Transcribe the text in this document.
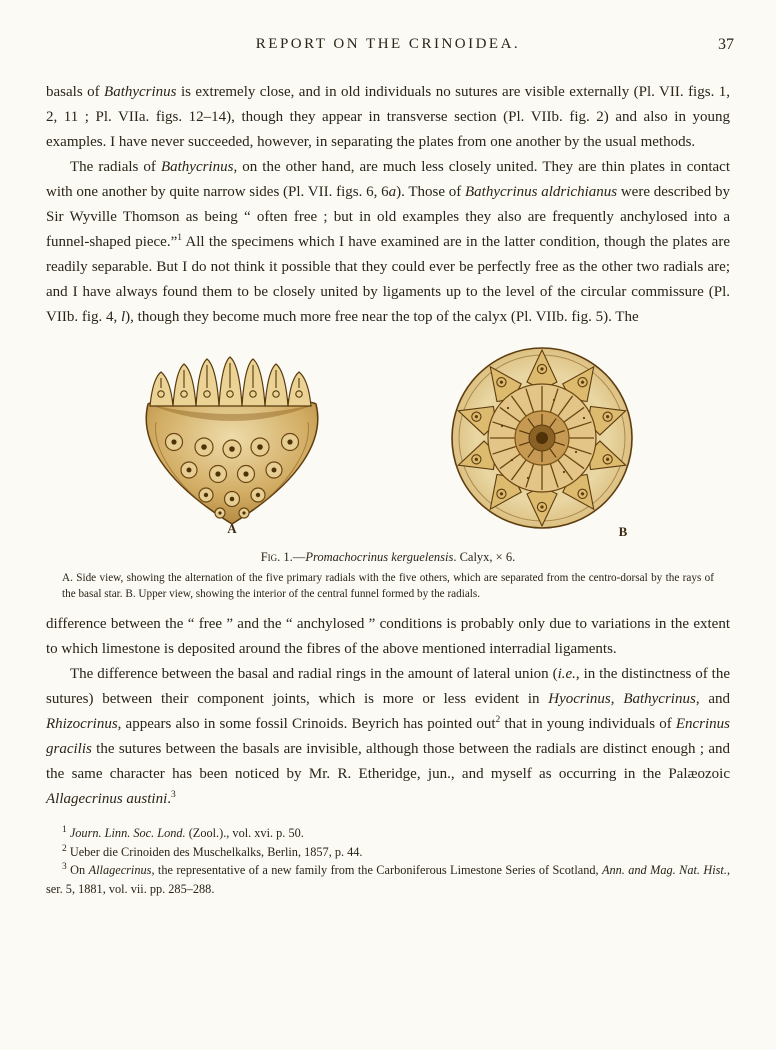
REPORT ON THE CRINOIDEA.	37

basals of Bathycrinus is extremely close, and in old individuals no sutures are visible externally (Pl. VII. figs. 1, 2, 11 ; Pl. VIIa. figs. 12–14), though they appear in transverse section (Pl. VIIb. fig. 2) and also in young examples. I have never succeeded, however, in separating the plates from one another by the usual methods.

The radials of Bathycrinus, on the other hand, are much less closely united. They are thin plates in contact with one another by quite narrow sides (Pl. VII. figs. 6, 6a). Those of Bathycrinus aldrichianus were described by Sir Wyville Thomson as being “ often free ; but in old examples they also are frequently anchylosed into a funnel-shaped piece.”$^1$ All the specimens which I have examined are in the latter condition, though the plates are readily separable. But I do not think it possible that they could ever be perfectly free as the other two radials are; and I have always found them to be closely united by ligaments up to the level of the circular commissure (Pl. VIIb. fig. 4, l), though they become much more free near the top of the calyx (Pl. VIIb. fig. 5). The

A	B
Fig. 1.—Promachocrinus kerguelensis. Calyx, × 6.
A. Side view, showing the alternation of the five primary radials with the five others, which are separated from the centro-dorsal by the rays of the basal star. B. Upper view, showing the interior of the central funnel formed by the radials.

difference between the “ free ” and the “ anchylosed ” conditions is probably only due to variations in the extent to which limestone is deposited around the fibres of the above mentioned interradial ligaments.

The difference between the basal and radial rings in the amount of lateral union (i.e., in the distinctness of the sutures) between their component joints, which is more or less evident in Hyocrinus, Bathycrinus, and Rhizocrinus, appears also in some fossil Crinoids. Beyrich has pointed out$^2$ that in young individuals of Encrinus gracilis the sutures between the basals are invisible, although those between the radials are distinct enough ; and the same character has been noticed by Mr. R. Etheridge, jun., and myself as occurring in the Palæozoic Allagecrinus austini.$^3$

$^1$ Journ. Linn. Soc. Lond. (Zool.)., vol. xvi. p. 50.

$^2$ Ueber die Crinoiden des Muschelkalks, Berlin, 1857, p. 44.

$^3$ On Allagecrinus, the representative of a new family from the Carboniferous Limestone Series of Scotland, Ann. and Mag. Nat. Hist., ser. 5, 1881, vol. vii. pp. 285–288.
